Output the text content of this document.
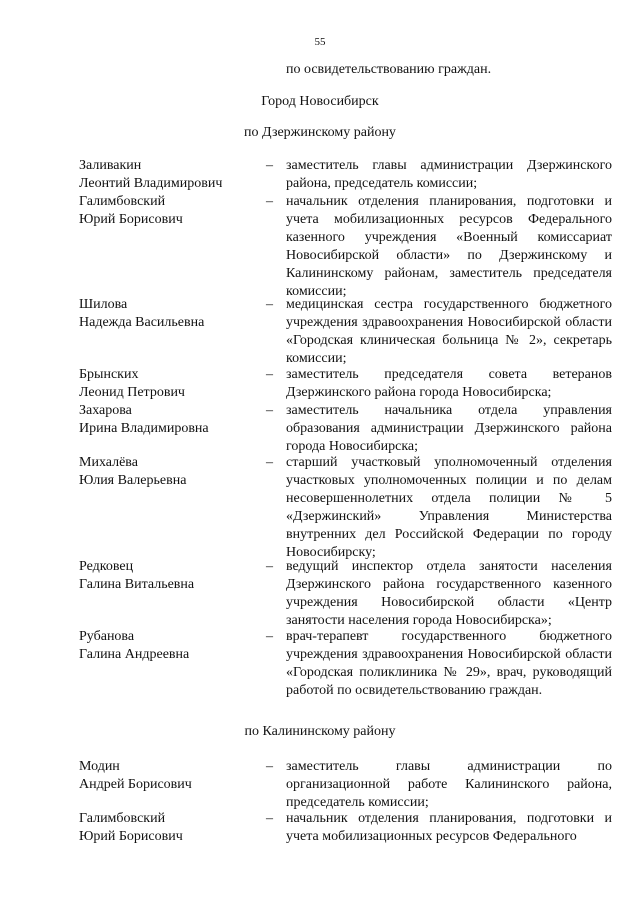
55
по освидетельствованию граждан.
Город Новосибирск
по Дзержинскому району
Заливакин
Леонтий Владимирович
– заместитель главы администрации Дзержинского района, председатель комиссии;
Галимбовский
Юрий Борисович
– начальник отделения планирования, подготовки и учета мобилизационных ресурсов Федерального казенного учреждения «Военный комиссариат Новосибирской области» по Дзержинскому и Калининскому районам, заместитель председателя комиссии;
Шилова
Надежда Васильевна
– медицинская сестра государственного бюджетного учреждения здравоохранения Новосибирской области «Городская клиническая больница № 2», секретарь комиссии;
Брынских
Леонид Петрович
– заместитель председателя совета ветеранов Дзержинского района города Новосибирска;
Захарова
Ирина Владимировна
– заместитель начальника отдела управления образования администрации Дзержинского района города Новосибирска;
Михалёва
Юлия Валерьевна
– старший участковый уполномоченный отделения участковых уполномоченных полиции и по делам несовершеннолетних отдела полиции № 5 «Дзержинский» Управления Министерства внутренних дел Российской Федерации по городу Новосибирску;
Редковец
Галина Витальевна
– ведущий инспектор отдела занятости населения Дзержинского района государственного казенного учреждения Новосибирской области «Центр занятости населения города Новосибирска»;
Рубанова
Галина Андреевна
– врач-терапевт государственного бюджетного учреждения здравоохранения Новосибирской области «Городская поликлиника № 29», врач, руководящий работой по освидетельствованию граждан.
по Калининскому району
Модин
Андрей Борисович
– заместитель главы администрации по организационной работе Калининского района, председатель комиссии;
Галимбовский
Юрий Борисович
– начальник отделения планирования, подготовки и учета мобилизационных ресурсов Федерального
